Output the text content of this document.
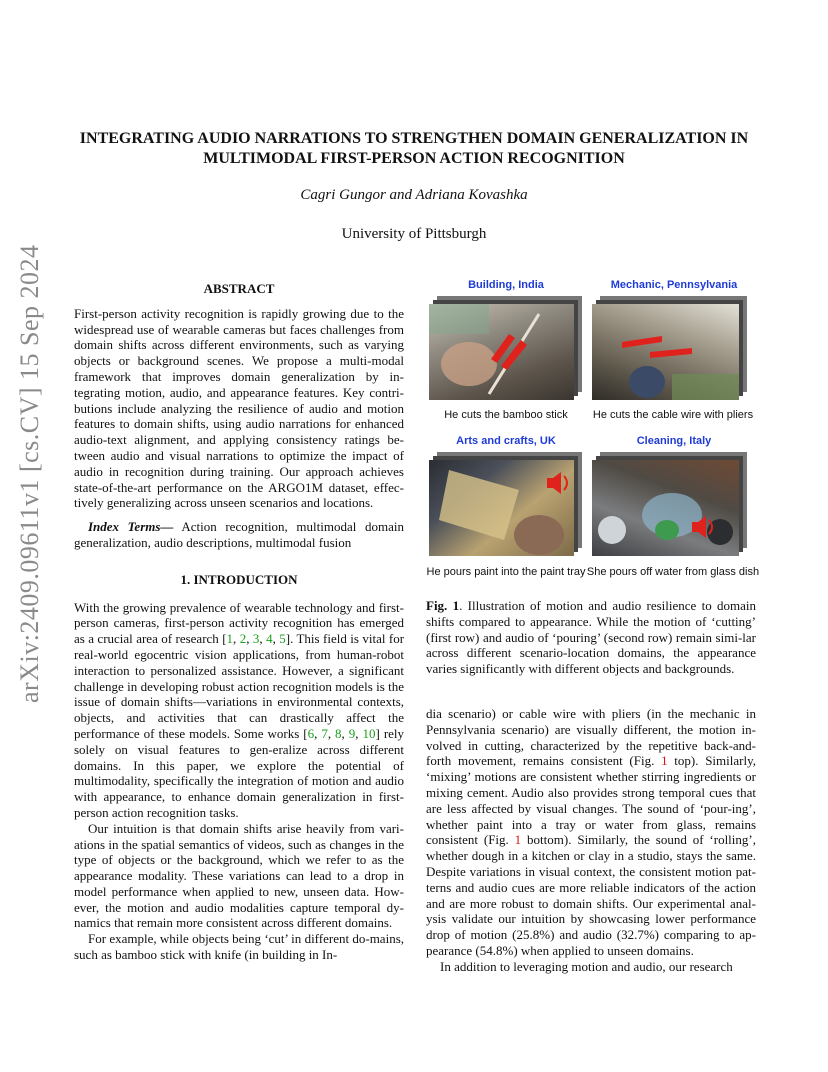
arXiv:2409.09611v1 [cs.CV] 15 Sep 2024
INTEGRATING AUDIO NARRATIONS TO STRENGTHEN DOMAIN GENERALIZATION IN
MULTIMODAL FIRST-PERSON ACTION RECOGNITION
Cagri Gungor and Adriana Kovashka
University of Pittsburgh
ABSTRACT

First-person activity recognition is rapidly growing due to the widespread use of wearable cameras but faces challenges from domain shifts across different environments, such as varying objects or background scenes. We propose a multi-modal framework that improves domain generalization by in-tegrating motion, audio, and appearance features. Key contri-butions include analyzing the resilience of audio and motion features to domain shifts, using audio narrations for enhanced audio-text alignment, and applying consistency ratings be-tween audio and visual narrations to optimize the impact of audio in recognition during training. Our approach achieves state-of-the-art performance on the ARGO1M dataset, effec-tively generalizing across unseen scenarios and locations.

Index Terms— Action recognition, multimodal domain generalization, audio descriptions, multimodal fusion

1. INTRODUCTION

With the growing prevalence of wearable technology and first-person cameras, first-person activity recognition has emerged as a crucial area of research [1, 2, 3, 4, 5]. This field is vital for real-world egocentric vision applications, from human-robot interaction to personalized assistance. However, a significant challenge in developing robust action recognition models is the issue of domain shifts—variations in environmental contexts, objects, and activities that can drastically affect the performance of these models. Some works [6, 7, 8, 9, 10] rely solely on visual features to gen-eralize across different domains. In this paper, we explore the potential of multimodality, specifically the integration of motion and audio with appearance, to enhance domain generalization in first-person action recognition tasks.

Our intuition is that domain shifts arise heavily from vari-ations in the spatial semantics of videos, such as changes in the type of objects or the background, which we refer to as the appearance modality. These variations can lead to a drop in model performance when applied to new, unseen data. How-ever, the motion and audio modalities capture temporal dy-namics that remain more consistent across different domains.

For example, while objects being ‘cut’ in different do-mains, such as bamboo stick with knife (in building in In-

Building, India	Mechanic, Pennsylvania
He cuts the bamboo stick	He cuts the cable wire with pliers
Arts and crafts, UK	Cleaning, Italy
He pours paint into the paint tray She pours off water from glass dish

Fig. 1. Illustration of motion and audio resilience to domain shifts compared to appearance. While the motion of ‘cutting’ (first row) and audio of ‘pouring’ (second row) remain simi-lar across different scenario-location domains, the appearance varies significantly with different objects and backgrounds.

dia scenario) or cable wire with pliers (in the mechanic in Pennsylvania scenario) are visually different, the motion in-volved in cutting, characterized by the repetitive back-and-forth movement, remains consistent (Fig. 1 top). Similarly, ‘mixing’ motions are consistent whether stirring ingredients or mixing cement. Audio also provides strong temporal cues that are less affected by visual changes. The sound of ‘pour-ing’, whether paint into a tray or water from glass, remains consistent (Fig. 1 bottom). Similarly, the sound of ‘rolling’, whether dough in a kitchen or clay in a studio, stays the same. Despite variations in visual context, the consistent motion pat-terns and audio cues are more reliable indicators of the action and are more robust to domain shifts. Our experimental anal-ysis validate our intuition by showcasing lower performance drop of motion (25.8%) and audio (32.7%) comparing to ap-pearance (54.8%) when applied to unseen domains.

In addition to leveraging motion and audio, our research
